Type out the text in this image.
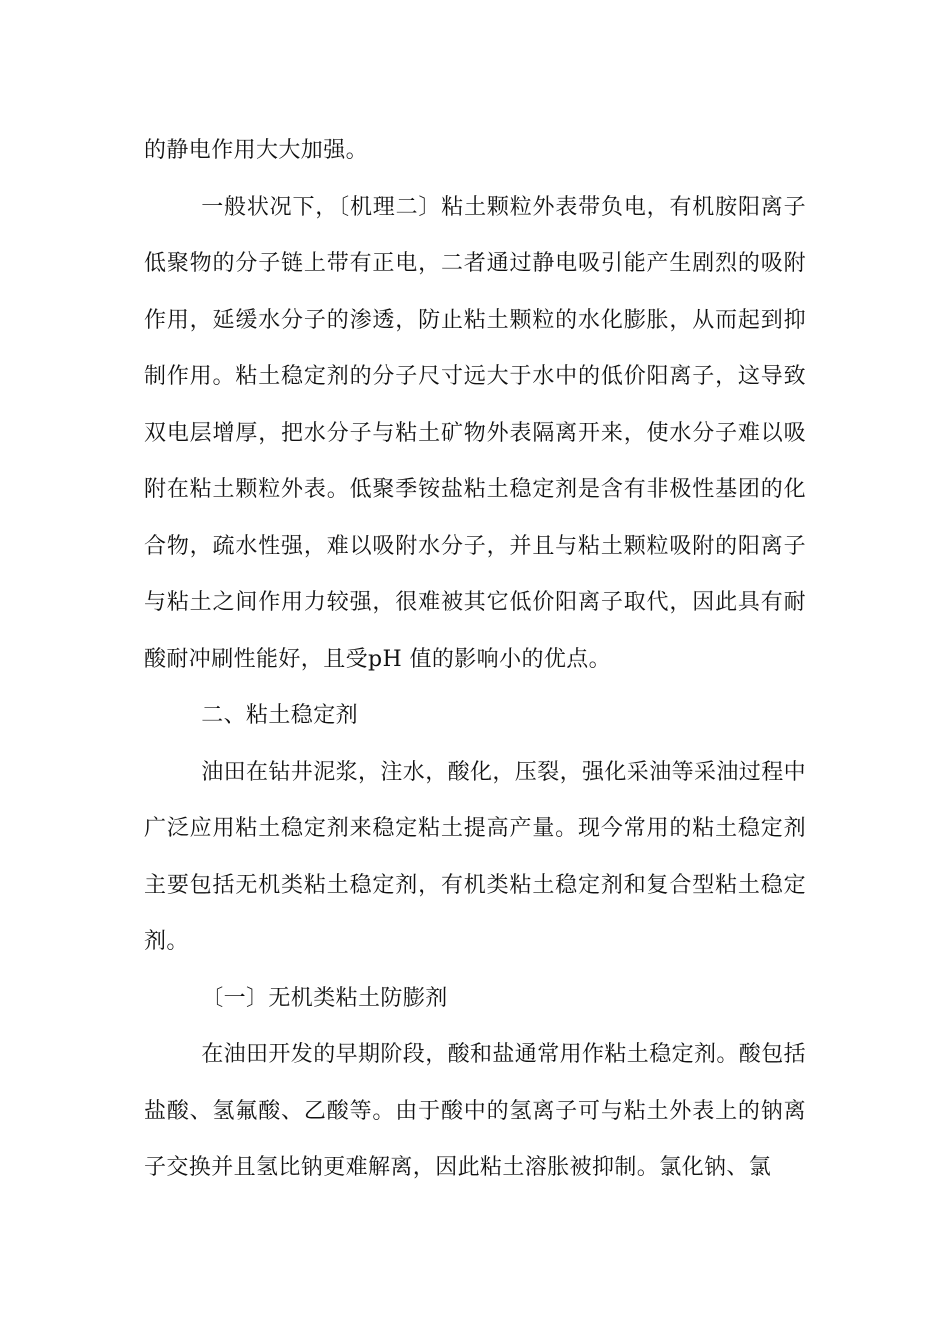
的静电作用大大加强。

一般状况下，〔机理二〕粘土颗粒外表带负电，有机胺阳离子低聚物的分子链上带有正电，二者通过静电吸引能产生剧烈的吸附作用，延缓水分子的渗透，防止粘土颗粒的水化膨胀，从而起到抑制作用。粘土稳定剂的分子尺寸远大于水中的低价阳离子，这导致双电层增厚，把水分子与粘土矿物外表隔离开来，使水分子难以吸附在粘土颗粒外表。低聚季铵盐粘土稳定剂是含有非极性基团的化合物，疏水性强，难以吸附水分子，并且与粘土颗粒吸附的阳离子与粘土之间作用力较强，很难被其它低价阳离子取代，因此具有耐酸耐冲刷性能好，且受pH 值的影响小的优点。

二、粘土稳定剂

油田在钻井泥浆，注水，酸化，压裂，强化采油等采油过程中广泛应用粘土稳定剂来稳定粘土提高产量。现今常用的粘土稳定剂主要包括无机类粘土稳定剂，有机类粘土稳定剂和复合型粘土稳定剂。

〔一〕无机类粘土防膨剂

在油田开发的早期阶段，酸和盐通常用作粘土稳定剂。酸包括盐酸、氢氟酸、乙酸等。由于酸中的氢离子可与粘土外表上的钠离子交换并且氢比钠更难解离，因此粘土溶胀被抑制。氯化钠、氯
